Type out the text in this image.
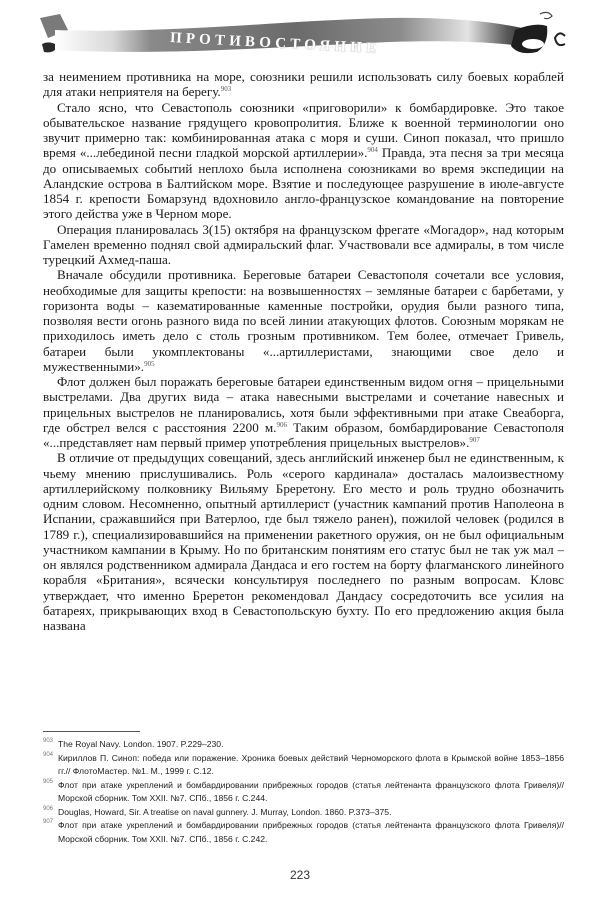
ПРОТИВОСТОЯНИЕ

за неимением противника на море, союзники решили использовать силу боевых кораблей для атаки неприятеля на берегу.$^{903}$

Стало ясно, что Севастополь союзники «приговорили» к бомбардировке. Это такое обывательское название грядущего кровопролития. Ближе к военной терминологии оно звучит примерно так: комбинированная атака с моря и суши. Синоп показал, что пришло время «...лебединой песни гладкой морской артиллерии».$^{904}$ Правда, эта песня за три месяца до описываемых событий неплохо была исполнена союзниками во время экспедиции на Аландские острова в Балтийском море. Взятие и последующее разрушение в июле-августе 1854 г. крепости Бомарзунд вдохновило англо-французское командование на повторение этого действа уже в Черном море.

Операция планировалась 3(15) октября на французском фрегате «Могадор», над которым Гамелен временно поднял свой адмиральский флаг. Участвовали все адмиралы, в том числе турецкий Ахмед-паша.

Вначале обсудили противника. Береговые батареи Севастополя сочетали все условия, необходимые для защиты крепости: на возвышенностях – земляные батареи с барбетами, у горизонта воды – казематированные каменные постройки, орудия были разного типа, позволяя вести огонь разного вида по всей линии атакующих флотов. Союзным морякам не приходилось иметь дело с столь грозным противником. Тем более, отмечает Гривель, батареи были укомплектованы «...артиллеристами, знающими свое дело и мужественными».$^{905}$

Флот должен был поражать береговые батареи единственным видом огня – прицельными выстрелами. Два других вида – атака навесными выстрелами и сочетание навесных и прицельных выстрелов не планировались, хотя были эффективными при атаке Свеаборга, где обстрел велся с расстояния 2200 м.$^{906}$ Таким образом, бомбардирование Севастополя «...представляет нам первый пример употребления прицельных выстрелов».$^{907}$

В отличие от предыдущих совещаний, здесь английский инженер был не единственным, к чьему мнению прислушивались. Роль «серого кардинала» досталась малоизвестному артиллерийскому полковнику Вильяму Бреретону. Его место и роль трудно обозначить одним словом. Несомненно, опытный артиллерист (участник кампаний против Наполеона в Испании, сражавшийся при Ватерлоо, где был тяжело ранен), пожилой человек (родился в 1789 г.), специализировавшийся на применении ракетного оружия, он не был официальным участником кампании в Крыму. Но по британским понятиям его статус был не так уж мал – он являлся родственником адмирала Дандаса и его гостем на борту флагманского линейного корабля «Британия», всячески консультируя последнего по разным вопросам. Кловс утверждает, что именно Бреретон рекомендовал Дандасу сосредоточить все усилия на батареях, прикрывающих вход в Севастопольскую бухту. По его предложению акция была названа

903 The Royal Navy. London. 1907. P.229–230.
904 Кириллов П. Синоп: победа или поражение. Хроника боевых действий Черноморского флота в Крымской войне 1853–1856 гг.// ФлотоМастер. №1. М., 1999 г. С.12.
905 Флот при атаке укреплений и бомбардировании прибрежных городов (статья лейтенанта французского флота Гривеля)// Морской сборник. Том XXII. №7. СПб., 1856 г. С.244.
906 Douglas, Howard, Sir. A treatise on naval gunnery. J. Murray, London. 1860. P.373–375.
907 Флот при атаке укреплений и бомбардировании прибрежных городов (статья лейтенанта французского флота Гривеля)// Морской сборник. Том XXII. №7. СПб., 1856 г. С.242.
223
